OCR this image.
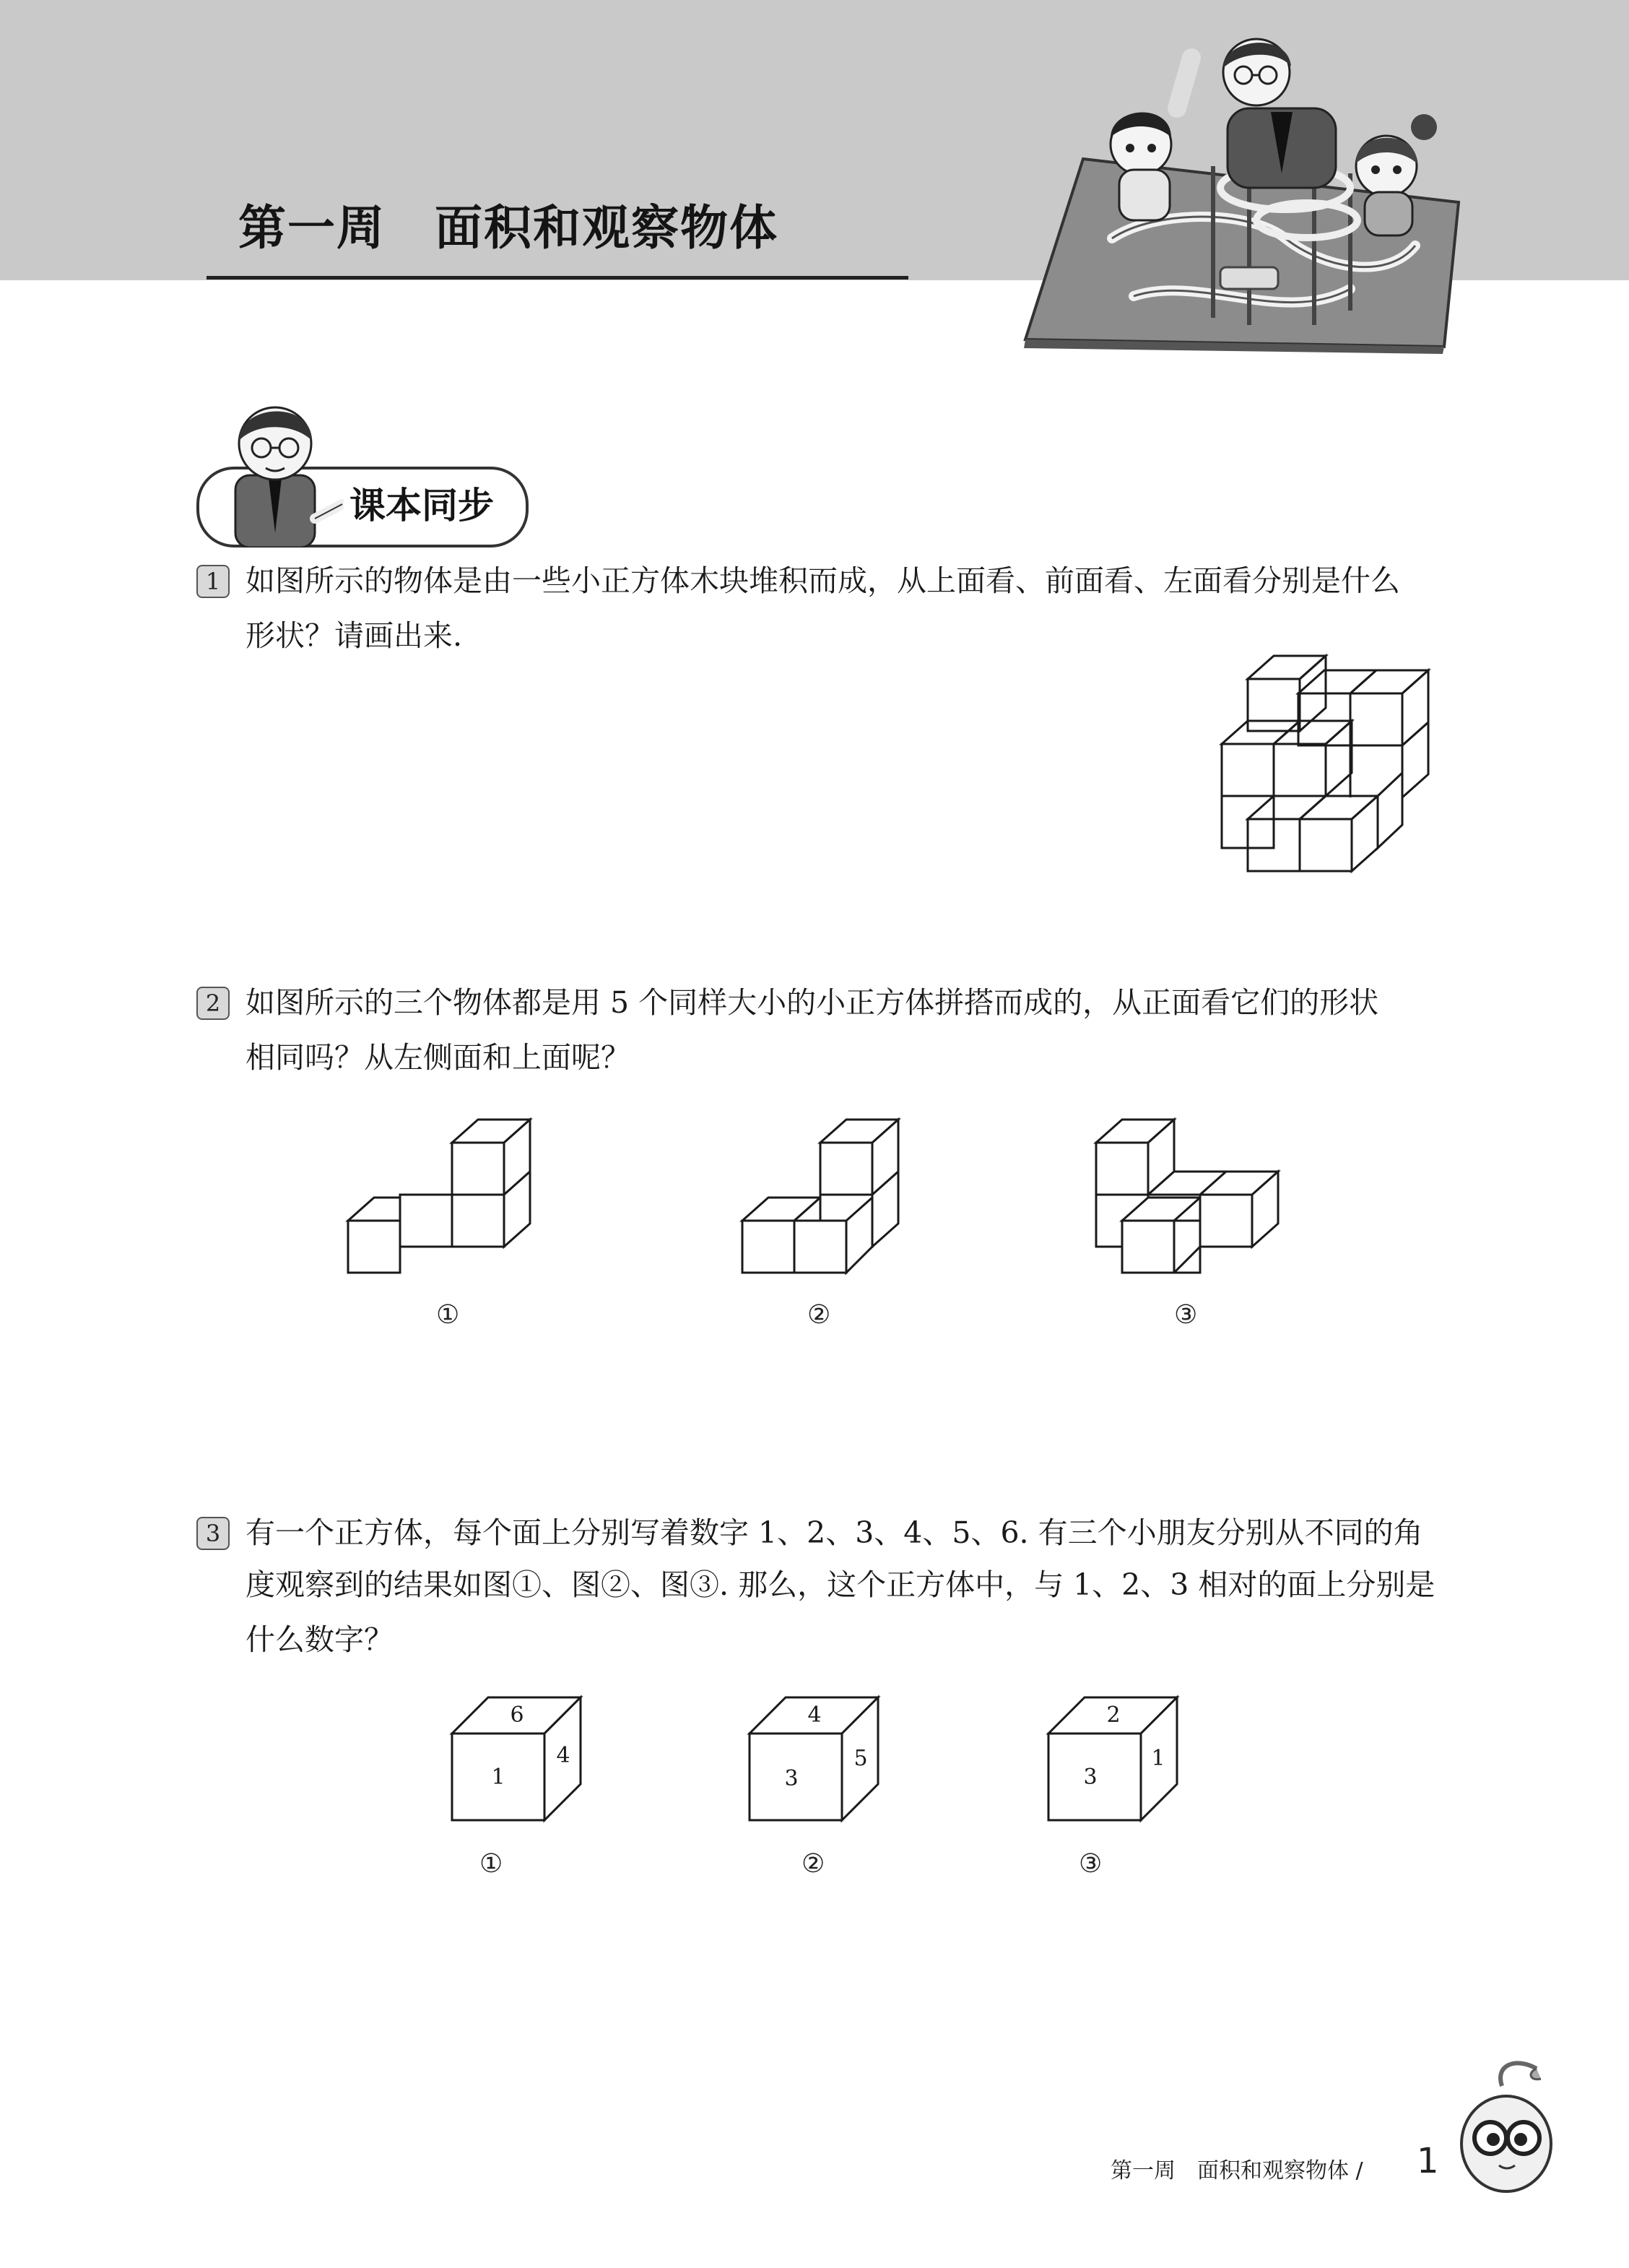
第一周　面积和观察物体
课本同步
1 如图所示的物体是由一些小正方体木块堆积而成，从上面看、前面看、左面看分别是什么
形状？请画出来.
2 如图所示的三个物体都是用 5 个同样大小的小正方体拼搭而成的，从正面看它们的形状
相同吗？从左侧面和上面呢？
①	②	③
3 有一个正方体，每个面上分别写着数字 1、2、3、4、5、6. 有三个小朋友分别从不同的角
度观察到的结果如图①、图②、图③. 那么，这个正方体中，与 1、2、3 相对的面上分别是
什么数字？
6
1
4
①
4
3
5
②
2
3
1
③
第一周　面积和观察物体 / 1
